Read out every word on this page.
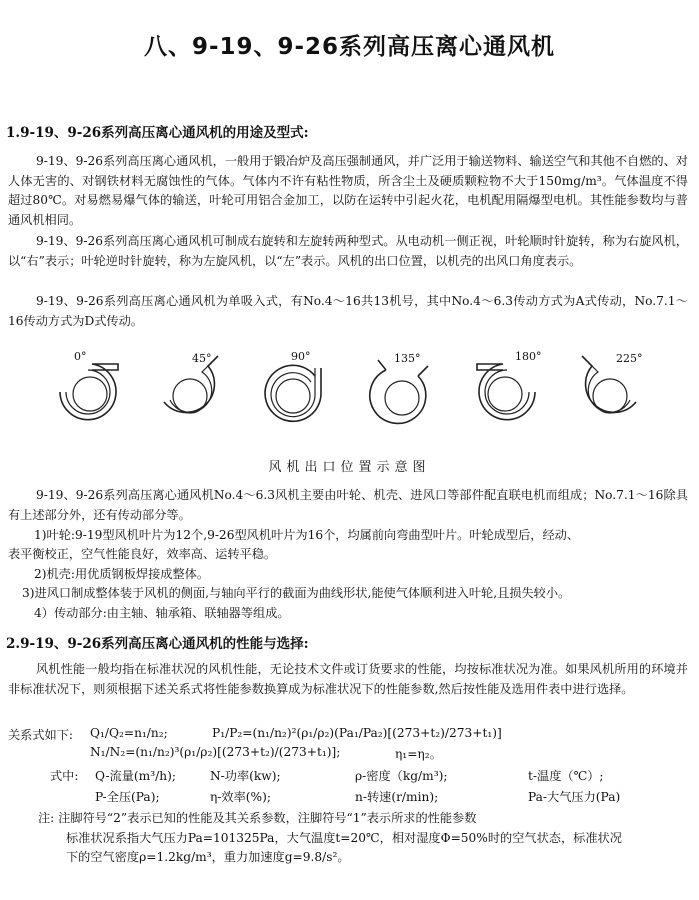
八、9-19、9-26系列高压离心通风机
1.9-19、9-26系列高压离心通风机的用途及型式:

9-19、9-26系列高压离心通风机，一般用于锻冶炉及高压强制通风，并广泛用于输送物料、输送空气和其他不自燃的、对人体无害的、对钢铁材料无腐蚀性的气体。气体内不许有粘性物质，所含尘土及硬质颗粒物不大于150mg/m³。气体温度不得超过80℃。对易燃易爆气体的输送，叶轮可用铝合金加工，以防在运转中引起火花，电机配用隔爆型电机。其性能参数均与普通风机相同。

9-19、9-26系列高压离心通风机可制成右旋转和左旋转两种型式。从电动机一侧正视，叶轮顺时针旋转，称为右旋风机，以“右”表示；叶轮逆时针旋转，称为左旋风机，以“左”表示。风机的出口位置，以机壳的出风口角度表示。

9-19、9-26系列高压离心通风机为单吸入式，有No.4～16共13机号，其中No.4～6.3传动方式为A式传动，No.7.1～16传动方式为D式传动。

0°	45°	90°	135°	180°	225°
风机出口位置示意图

9-19、9-26系列高压离心通风机No.4～6.3风机主要由叶轮、机壳、进风口等部件配直联电机而组成；No.7.1～16除具有上述部分外，还有传动部分等。

1)叶轮:9-19型风机叶片为12个,9-26型风机叶片为16个，均属前向弯曲型叶片。叶轮成型后，经动、
表平衡校正，空气性能良好，效率高、运转平稳。
2)机壳:用优质钢板焊接成整体。
3)进风口制成整体装于风机的侧面,与轴向平行的截面为曲线形状,能使气体顺利进入叶轮,且损失较小。
4）传动部分:由主轴、轴承箱、联轴器等组成。
2.9-19、9-26系列高压离心通风机的性能与选择:

风机性能一般均指在标准状况的风机性能，无论技术文件或订货要求的性能，均按标准状况为准。如果风机所用的环境并非标准状况下，则须根据下述关系式将性能参数换算成为标准状况下的性能参数,然后按性能及选用件表中进行选择。

关系式如下: Q₁/Q₂=n₁/n₂;	P₁/P₂=(n₁/n₂)²(ρ₁/ρ₂)(Pa₁/Pa₂)[(273+t₂)/273+t₁)]
N₁/N₂=(n₁/n₂)³(ρ₁/ρ₂)[(273+t₂)/(273+t₁)];	η₁=η₂。
式中: Q-流量(m³/h);	N-功率(kw);	ρ-密度（kg/m³);	t-温度（℃）;
P-全压(Pa);	η-效率(%);	n-转速(r/min);	Pa-大气压力(Pa)
注: 注脚符号“2”表示已知的性能及其关系参数，注脚符号“1”表示所求的性能参数
标准状况系指大气压力Pa=101325Pa，大气温度t=20℃，相对湿度Φ=50%时的空气状态，标准状况
下的空气密度ρ=1.2kg/m³，重力加速度g=9.8/s²。
